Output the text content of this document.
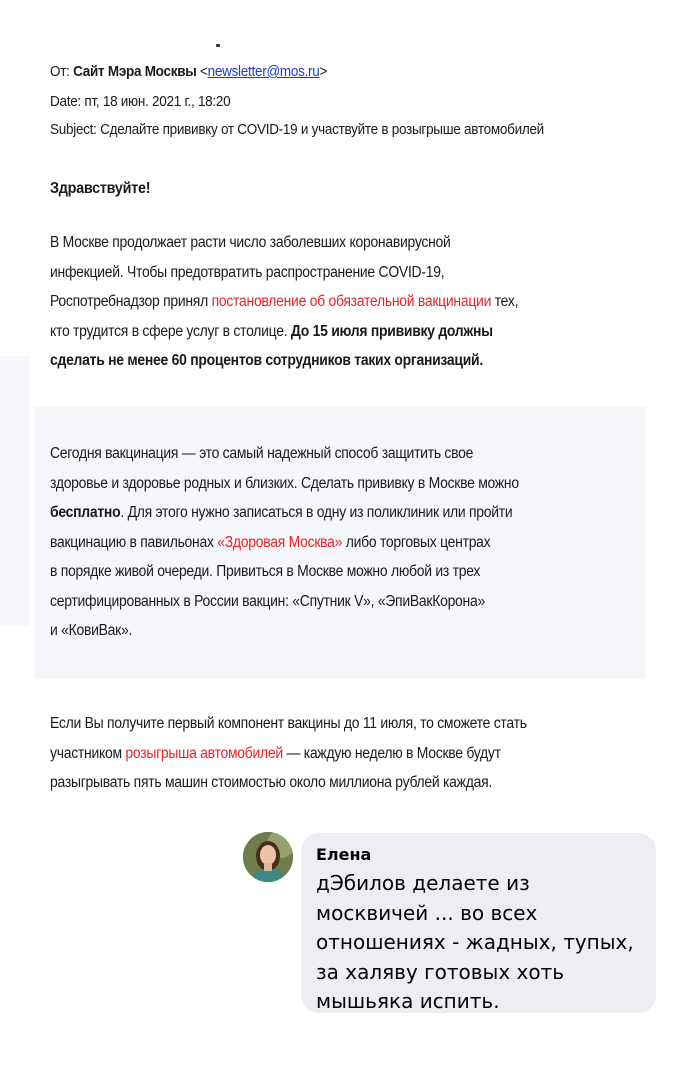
От: Сайт Мэра Москвы <newsletter@mos.ru>
Date: пт, 18 июн. 2021 г., 18:20
Subject: Сделайте прививку от COVID-19 и участвуйте в розыгрыше автомобилей
Здравствуйте!
В Москве продолжает расти число заболевших коронавирусной
инфекцией. Чтобы предотвратить распространение COVID-19,
Роспотребнадзор принял постановление об обязательной вакцинации тех,
кто трудится в сфере услуг в столице. До 15 июля прививку должны
сделать не менее 60 процентов сотрудников таких организаций.
Сегодня вакцинация — это самый надежный способ защитить свое
здоровье и здоровье родных и близких. Сделать прививку в Москве можно
бесплатно. Для этого нужно записаться в одну из поликлиник или пройти
вакцинацию в павильонах «Здоровая Москва» либо торговых центрах
в порядке живой очереди. Привиться в Москве можно любой из трех
сертифицированных в России вакцин: «Спутник V», «ЭпиВакКорона»
и «КовиВак».
Если Вы получите первый компонент вакцины до 11 июля, то сможете стать
участником розыгрыша автомобилей — каждую неделю в Москве будут
разыгрывать пять машин стоимостью около миллиона рублей каждая.
Елена
дЭбилов делаете из
москвичей ... во всех
отношениях - жадных, тупых,
за халяву готовых хоть
мышьяка испить.
